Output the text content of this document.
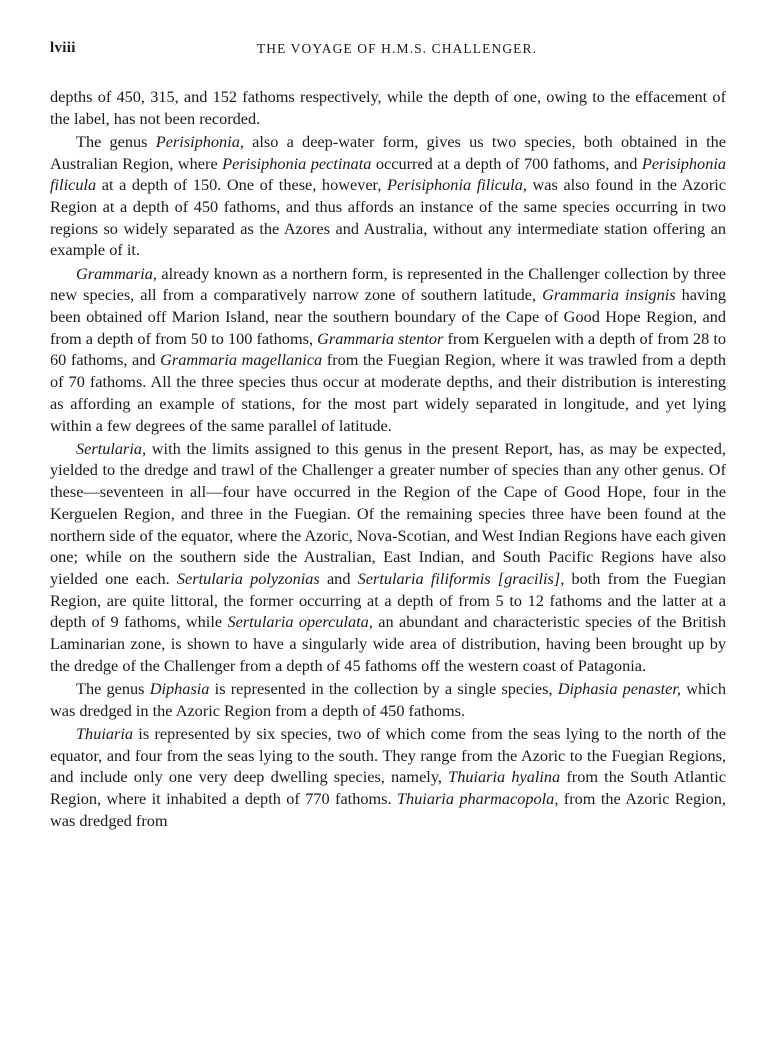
lviii	THE VOYAGE OF H.M.S. CHALLENGER.

depths of 450, 315, and 152 fathoms respectively, while the depth of one, owing to the effacement of the label, has not been recorded.

The genus Perisiphonia, also a deep-water form, gives us two species, both obtained in the Australian Region, where Perisiphonia pectinata occurred at a depth of 700 fathoms, and Perisiphonia filicula at a depth of 150. One of these, however, Perisiphonia filicula, was also found in the Azoric Region at a depth of 450 fathoms, and thus affords an instance of the same species occurring in two regions so widely separated as the Azores and Australia, without any intermediate station offering an example of it.

Grammaria, already known as a northern form, is represented in the Challenger collection by three new species, all from a comparatively narrow zone of southern latitude, Grammaria insignis having been obtained off Marion Island, near the southern boundary of the Cape of Good Hope Region, and from a depth of from 50 to 100 fathoms, Grammaria stentor from Kerguelen with a depth of from 28 to 60 fathoms, and Grammaria magellanica from the Fuegian Region, where it was trawled from a depth of 70 fathoms. All the three species thus occur at moderate depths, and their distribution is interesting as affording an example of stations, for the most part widely separated in longitude, and yet lying within a few degrees of the same parallel of latitude.

Sertularia, with the limits assigned to this genus in the present Report, has, as may be expected, yielded to the dredge and trawl of the Challenger a greater number of species than any other genus. Of these—seventeen in all—four have occurred in the Region of the Cape of Good Hope, four in the Kerguelen Region, and three in the Fuegian. Of the remaining species three have been found at the northern side of the equator, where the Azoric, Nova-Scotian, and West Indian Regions have each given one; while on the southern side the Australian, East Indian, and South Pacific Regions have also yielded one each. Sertularia polyzonias and Sertularia filiformis [gracilis], both from the Fuegian Region, are quite littoral, the former occurring at a depth of from 5 to 12 fathoms and the latter at a depth of 9 fathoms, while Sertularia operculata, an abundant and characteristic species of the British Laminarian zone, is shown to have a singularly wide area of distribution, having been brought up by the dredge of the Challenger from a depth of 45 fathoms off the western coast of Patagonia.

The genus Diphasia is represented in the collection by a single species, Diphasia penaster, which was dredged in the Azoric Region from a depth of 450 fathoms.

Thuiaria is represented by six species, two of which come from the seas lying to the north of the equator, and four from the seas lying to the south. They range from the Azoric to the Fuegian Regions, and include only one very deep dwelling species, namely, Thuiaria hyalina from the South Atlantic Region, where it inhabited a depth of 770 fathoms. Thuiaria pharmacopola, from the Azoric Region, was dredged from
